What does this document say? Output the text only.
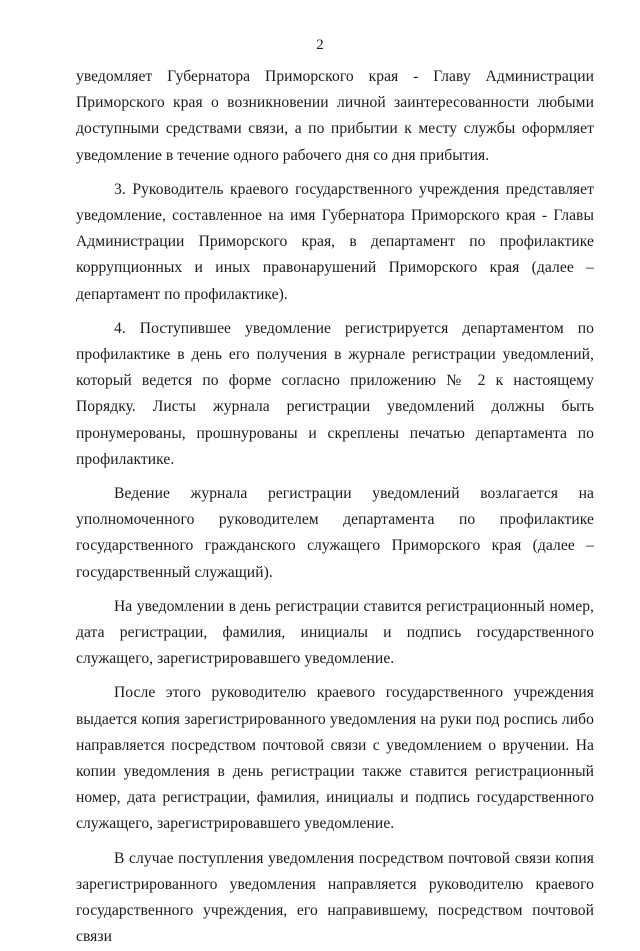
2

уведомляет Губернатора Приморского края - Главу Администрации Приморского края о возникновении личной заинтересованности любыми доступными средствами связи, а по прибытии к месту службы оформляет уведомление в течение одного рабочего дня со дня прибытия.

3. Руководитель краевого государственного учреждения представляет уведомление, составленное на имя Губернатора Приморского края - Главы Администрации Приморского края, в департамент по профилактике коррупционных и иных правонарушений Приморского края (далее – департамент по профилактике).

4. Поступившее уведомление регистрируется департаментом по профилактике в день его получения в журнале регистрации уведомлений, который ведется по форме согласно приложению № 2 к настоящему Порядку. Листы журнала регистрации уведомлений должны быть пронумерованы, прошнурованы и скреплены печатью департамента по профилактике.

Ведение журнала регистрации уведомлений возлагается на уполномоченного руководителем департамента по профилактике государственного гражданского служащего Приморского края (далее – государственный служащий).

На уведомлении в день регистрации ставится регистрационный номер, дата регистрации, фамилия, инициалы и подпись государственного служащего, зарегистрировавшего уведомление.

После этого руководителю краевого государственного учреждения выдается копия зарегистрированного уведомления на руки под роспись либо направляется посредством почтовой связи с уведомлением о вручении. На копии уведомления в день регистрации также ставится регистрационный номер, дата регистрации, фамилия, инициалы и подпись государственного служащего, зарегистрировавшего уведомление.

В случае поступления уведомления посредством почтовой связи копия зарегистрированного уведомления направляется руководителю краевого государственного учреждения, его направившему, посредством почтовой связи
